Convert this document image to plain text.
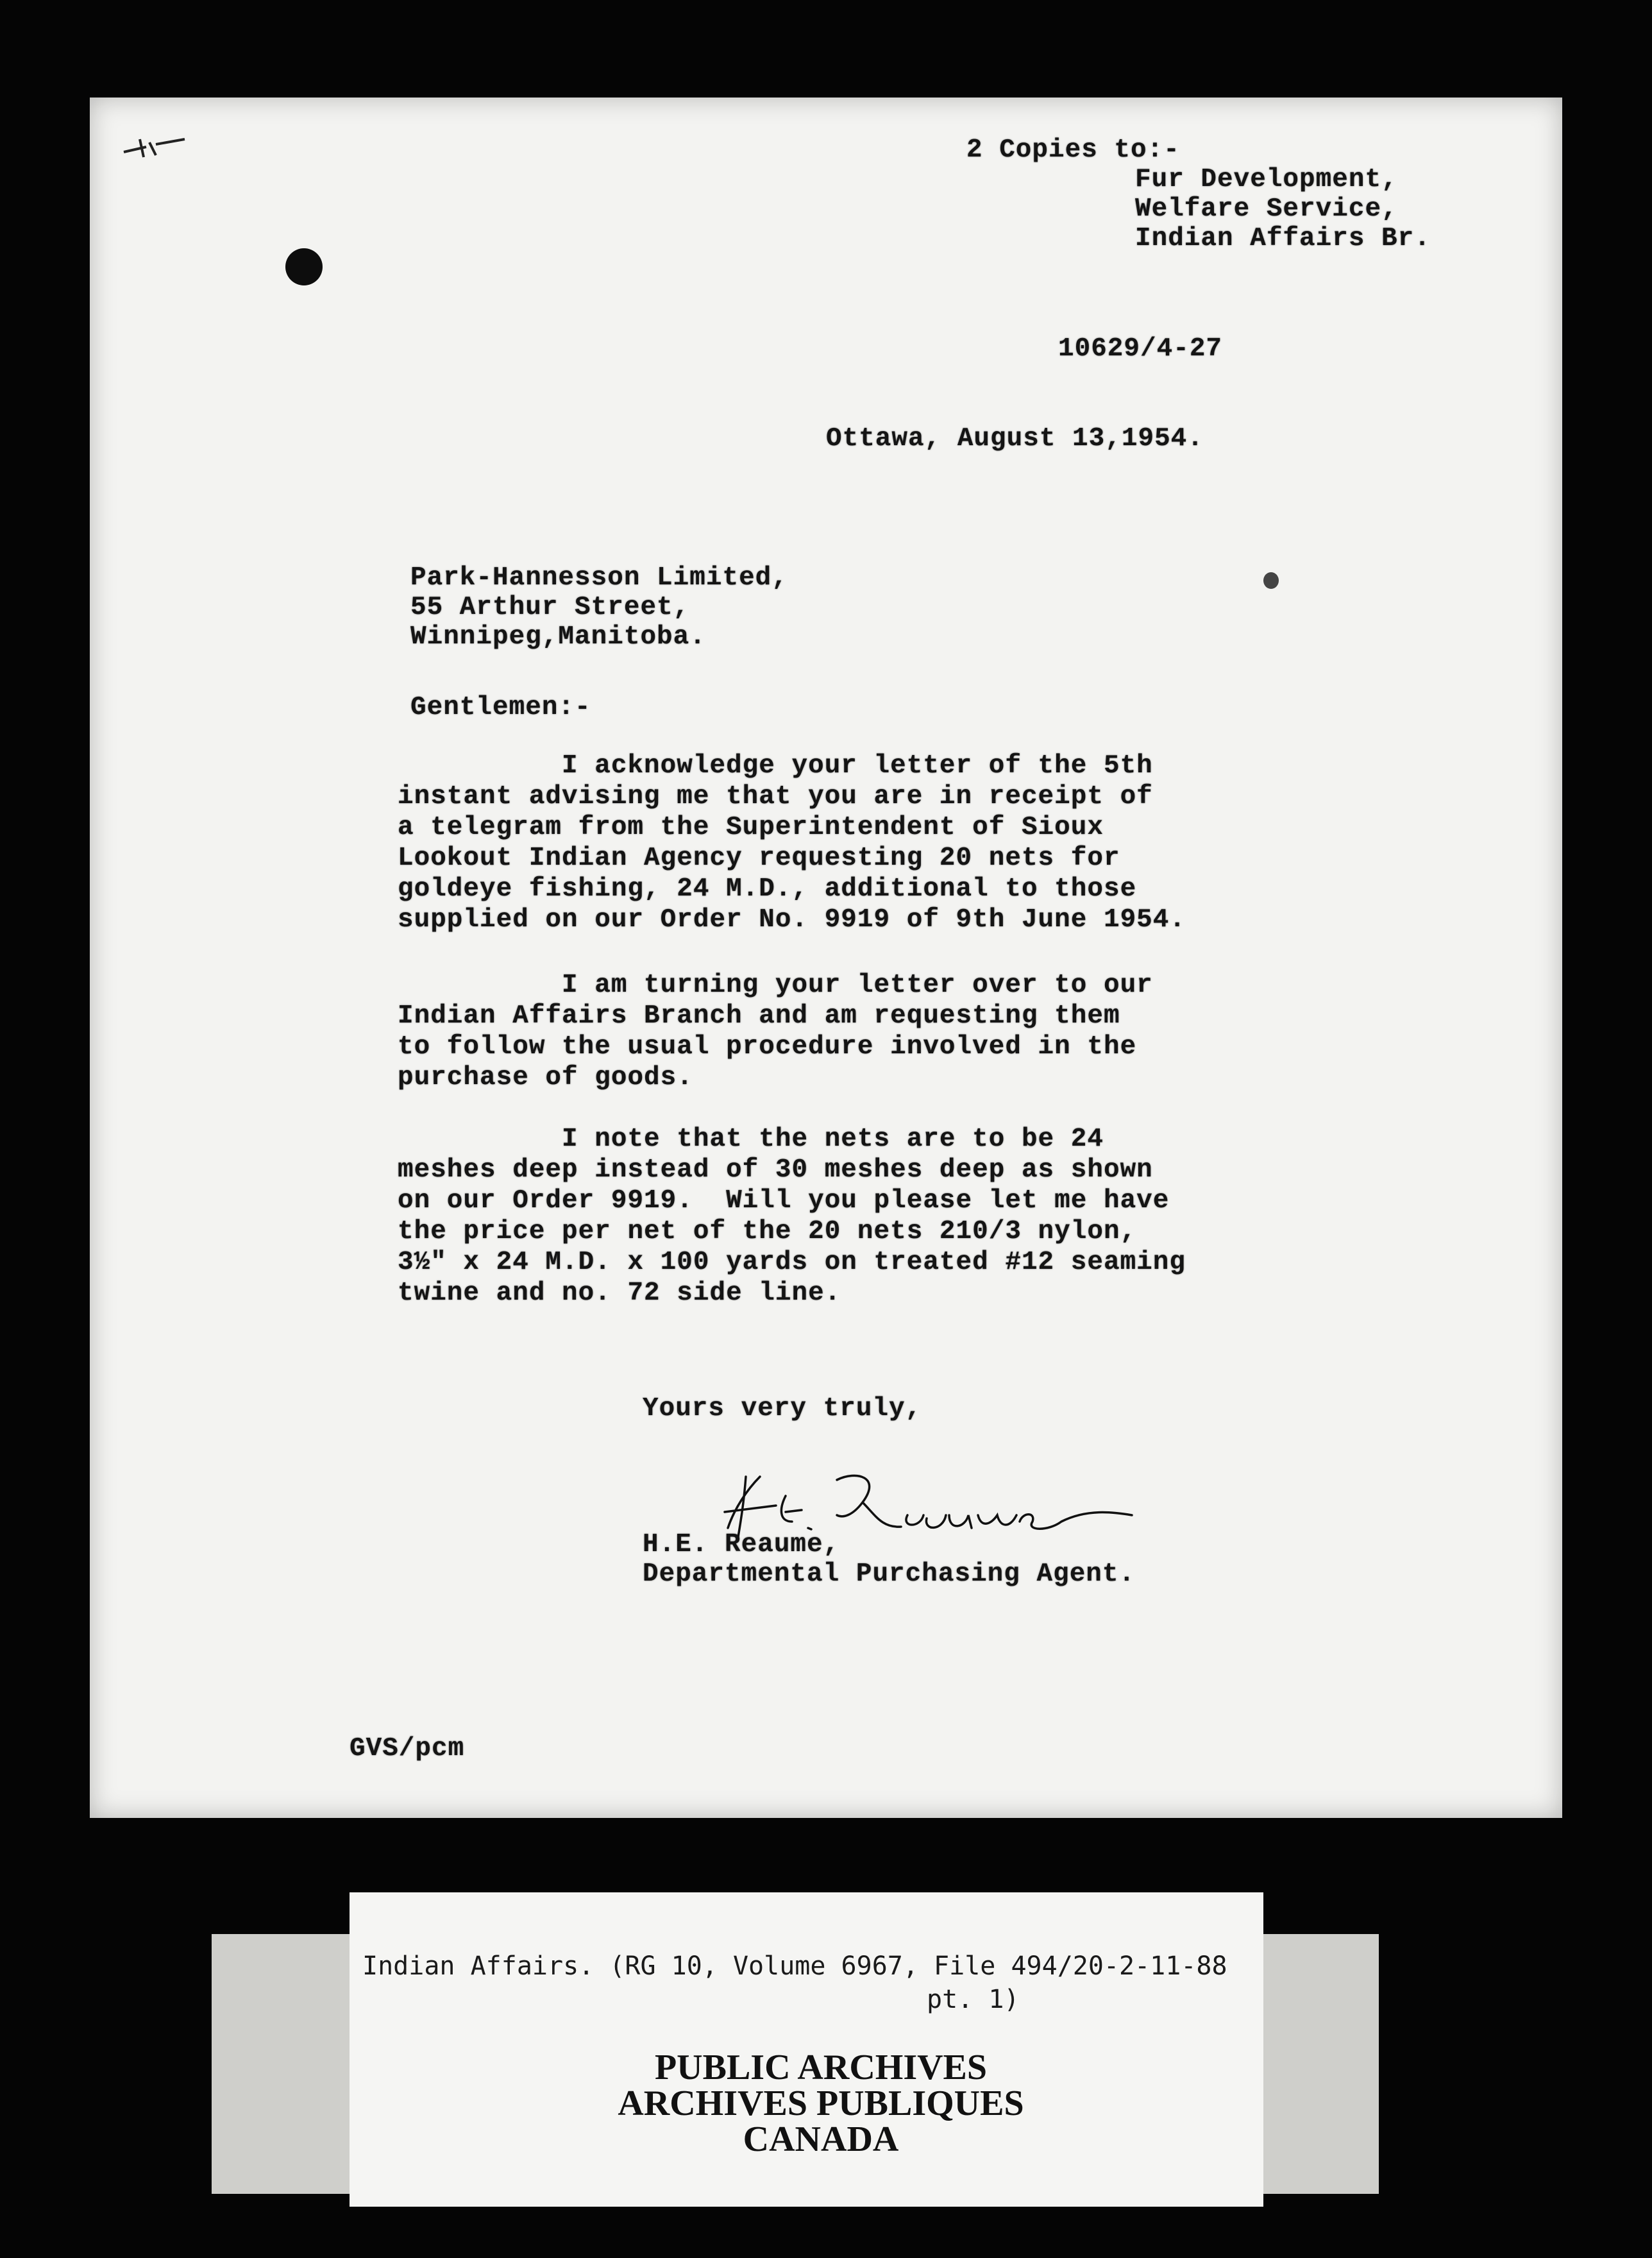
2 Copies to:-
Fur Development,
Welfare Service,
Indian Affairs Br.
10629/4-27
Ottawa, August 13,1954.
Park-Hannesson Limited,
55 Arthur Street,
Winnipeg,Manitoba.
Gentlemen:-
I acknowledge your letter of the 5th
instant advising me that you are in receipt of
a telegram from the Superintendent of Sioux
Lookout Indian Agency requesting 20 nets for
goldeye fishing, 24 M.D., additional to those
supplied on our Order No. 9919 of 9th June 1954.
I am turning your letter over to our
Indian Affairs Branch and am requesting them
to follow the usual procedure involved in the
purchase of goods.
I note that the nets are to be 24
meshes deep instead of 30 meshes deep as shown
on our Order 9919.  Will you please let me have
the price per net of the 20 nets 210/3 nylon,
3½" x 24 M.D. x 100 yards on treated #12 seaming
twine and no. 72 side line.
Yours very truly,
H.E. Reaume,
Departmental Purchasing Agent.
GVS/pcm
Indian Affairs. (RG 10, Volume 6967, File 494/20-2-11-88
pt. 1)
PUBLIC ARCHIVES
ARCHIVES PUBLIQUES
CANADA
